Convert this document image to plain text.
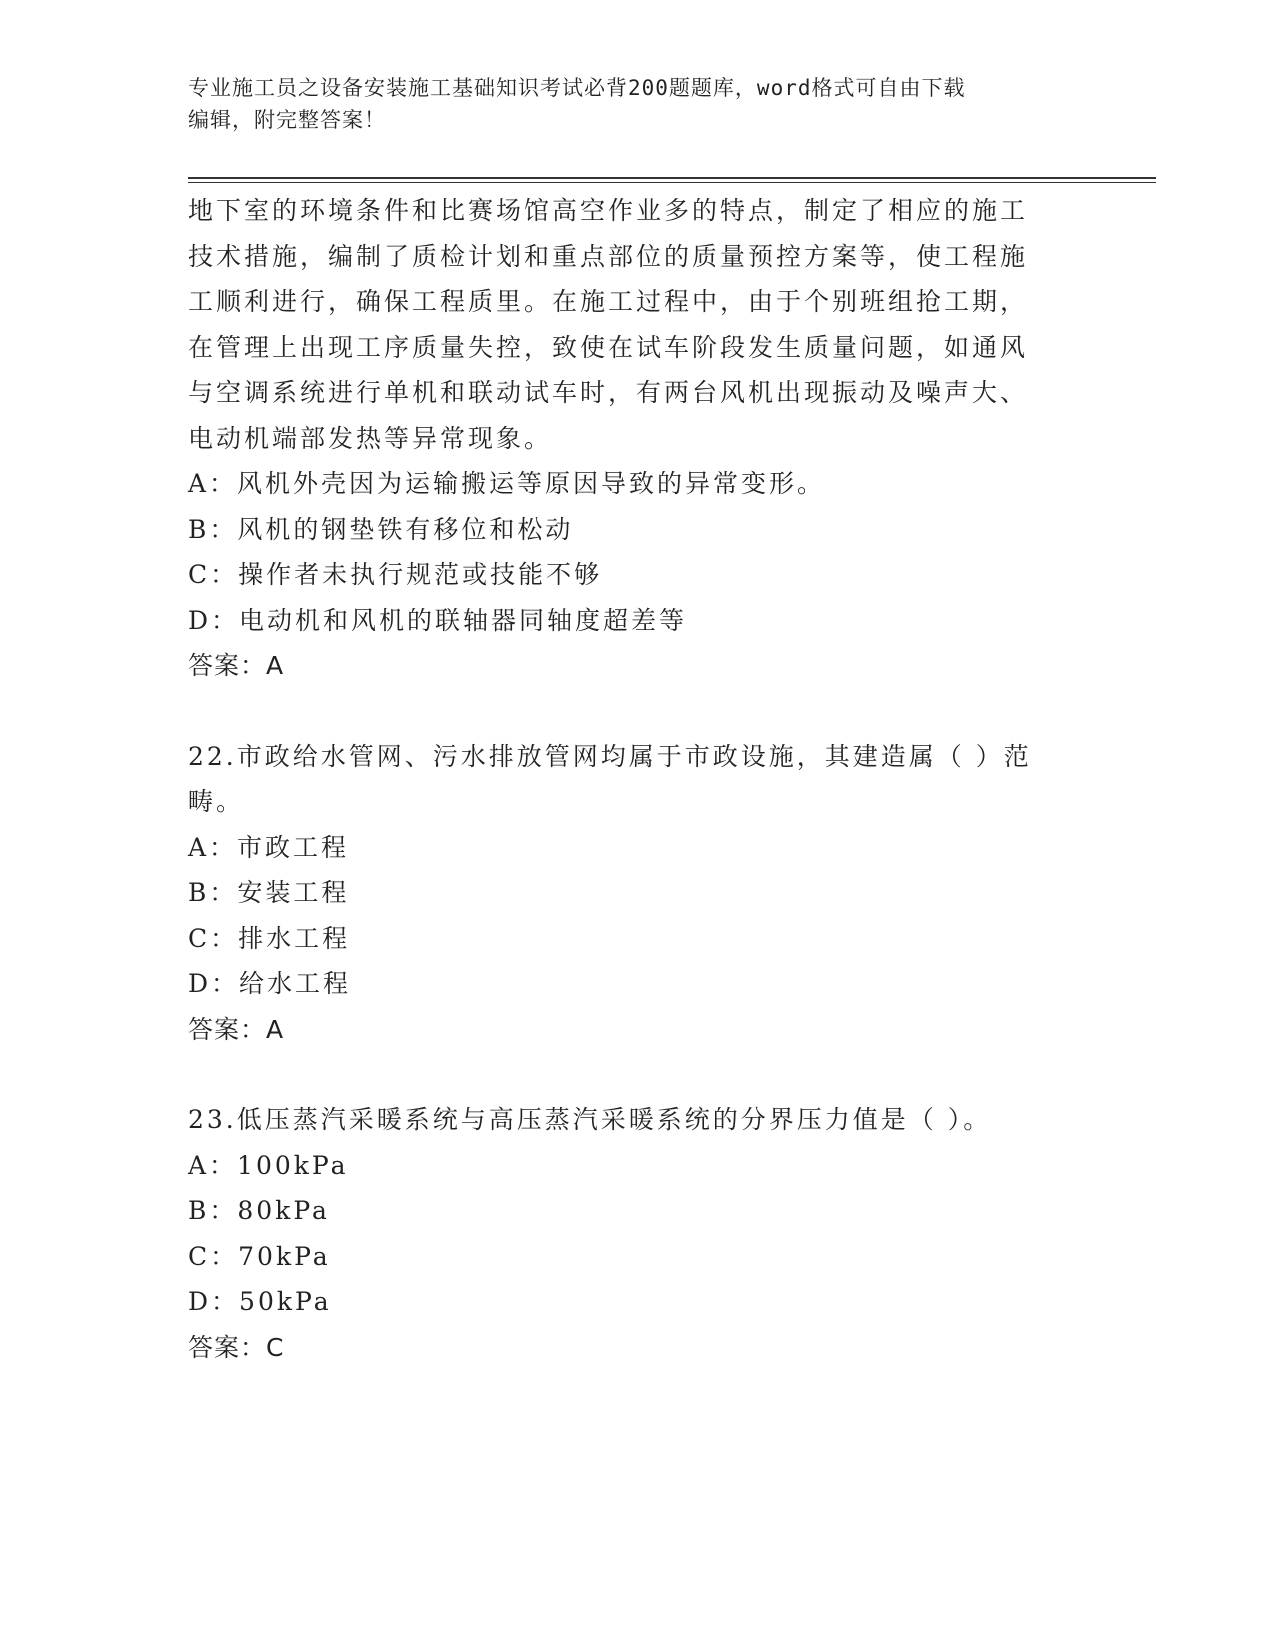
专业施工员之设备安装施工基础知识考试必背200题题库，word格式可自由下载
编辑，附完整答案！
地下室的环境条件和比赛场馆高空作业多的特点，制定了相应的施工
技术措施，编制了质检计划和重点部位的质量预控方案等，使工程施
工顺利进行，确保工程质里。在施工过程中，由于个别班组抢工期，
在管理上出现工序质量失控，致使在试车阶段发生质量问题，如通风
与空调系统进行单机和联动试车时，有两台风机出现振动及噪声大、
电动机端部发热等异常现象。
A：风机外壳因为运输搬运等原因导致的异常变形。
B：风机的钢垫铁有移位和松动
C：操作者未执行规范或技能不够
D：电动机和风机的联轴器同轴度超差等
答案：A
22.市政给水管网、污水排放管网均属于市政设施，其建造属（ ）范
畴。
A：市政工程
B：安装工程
C：排水工程
D：给水工程
答案：A
23.低压蒸汽采暖系统与高压蒸汽采暖系统的分界压力值是（ ）。
A：100kPa
B：80kPa
C：70kPa
D：50kPa
答案：C
